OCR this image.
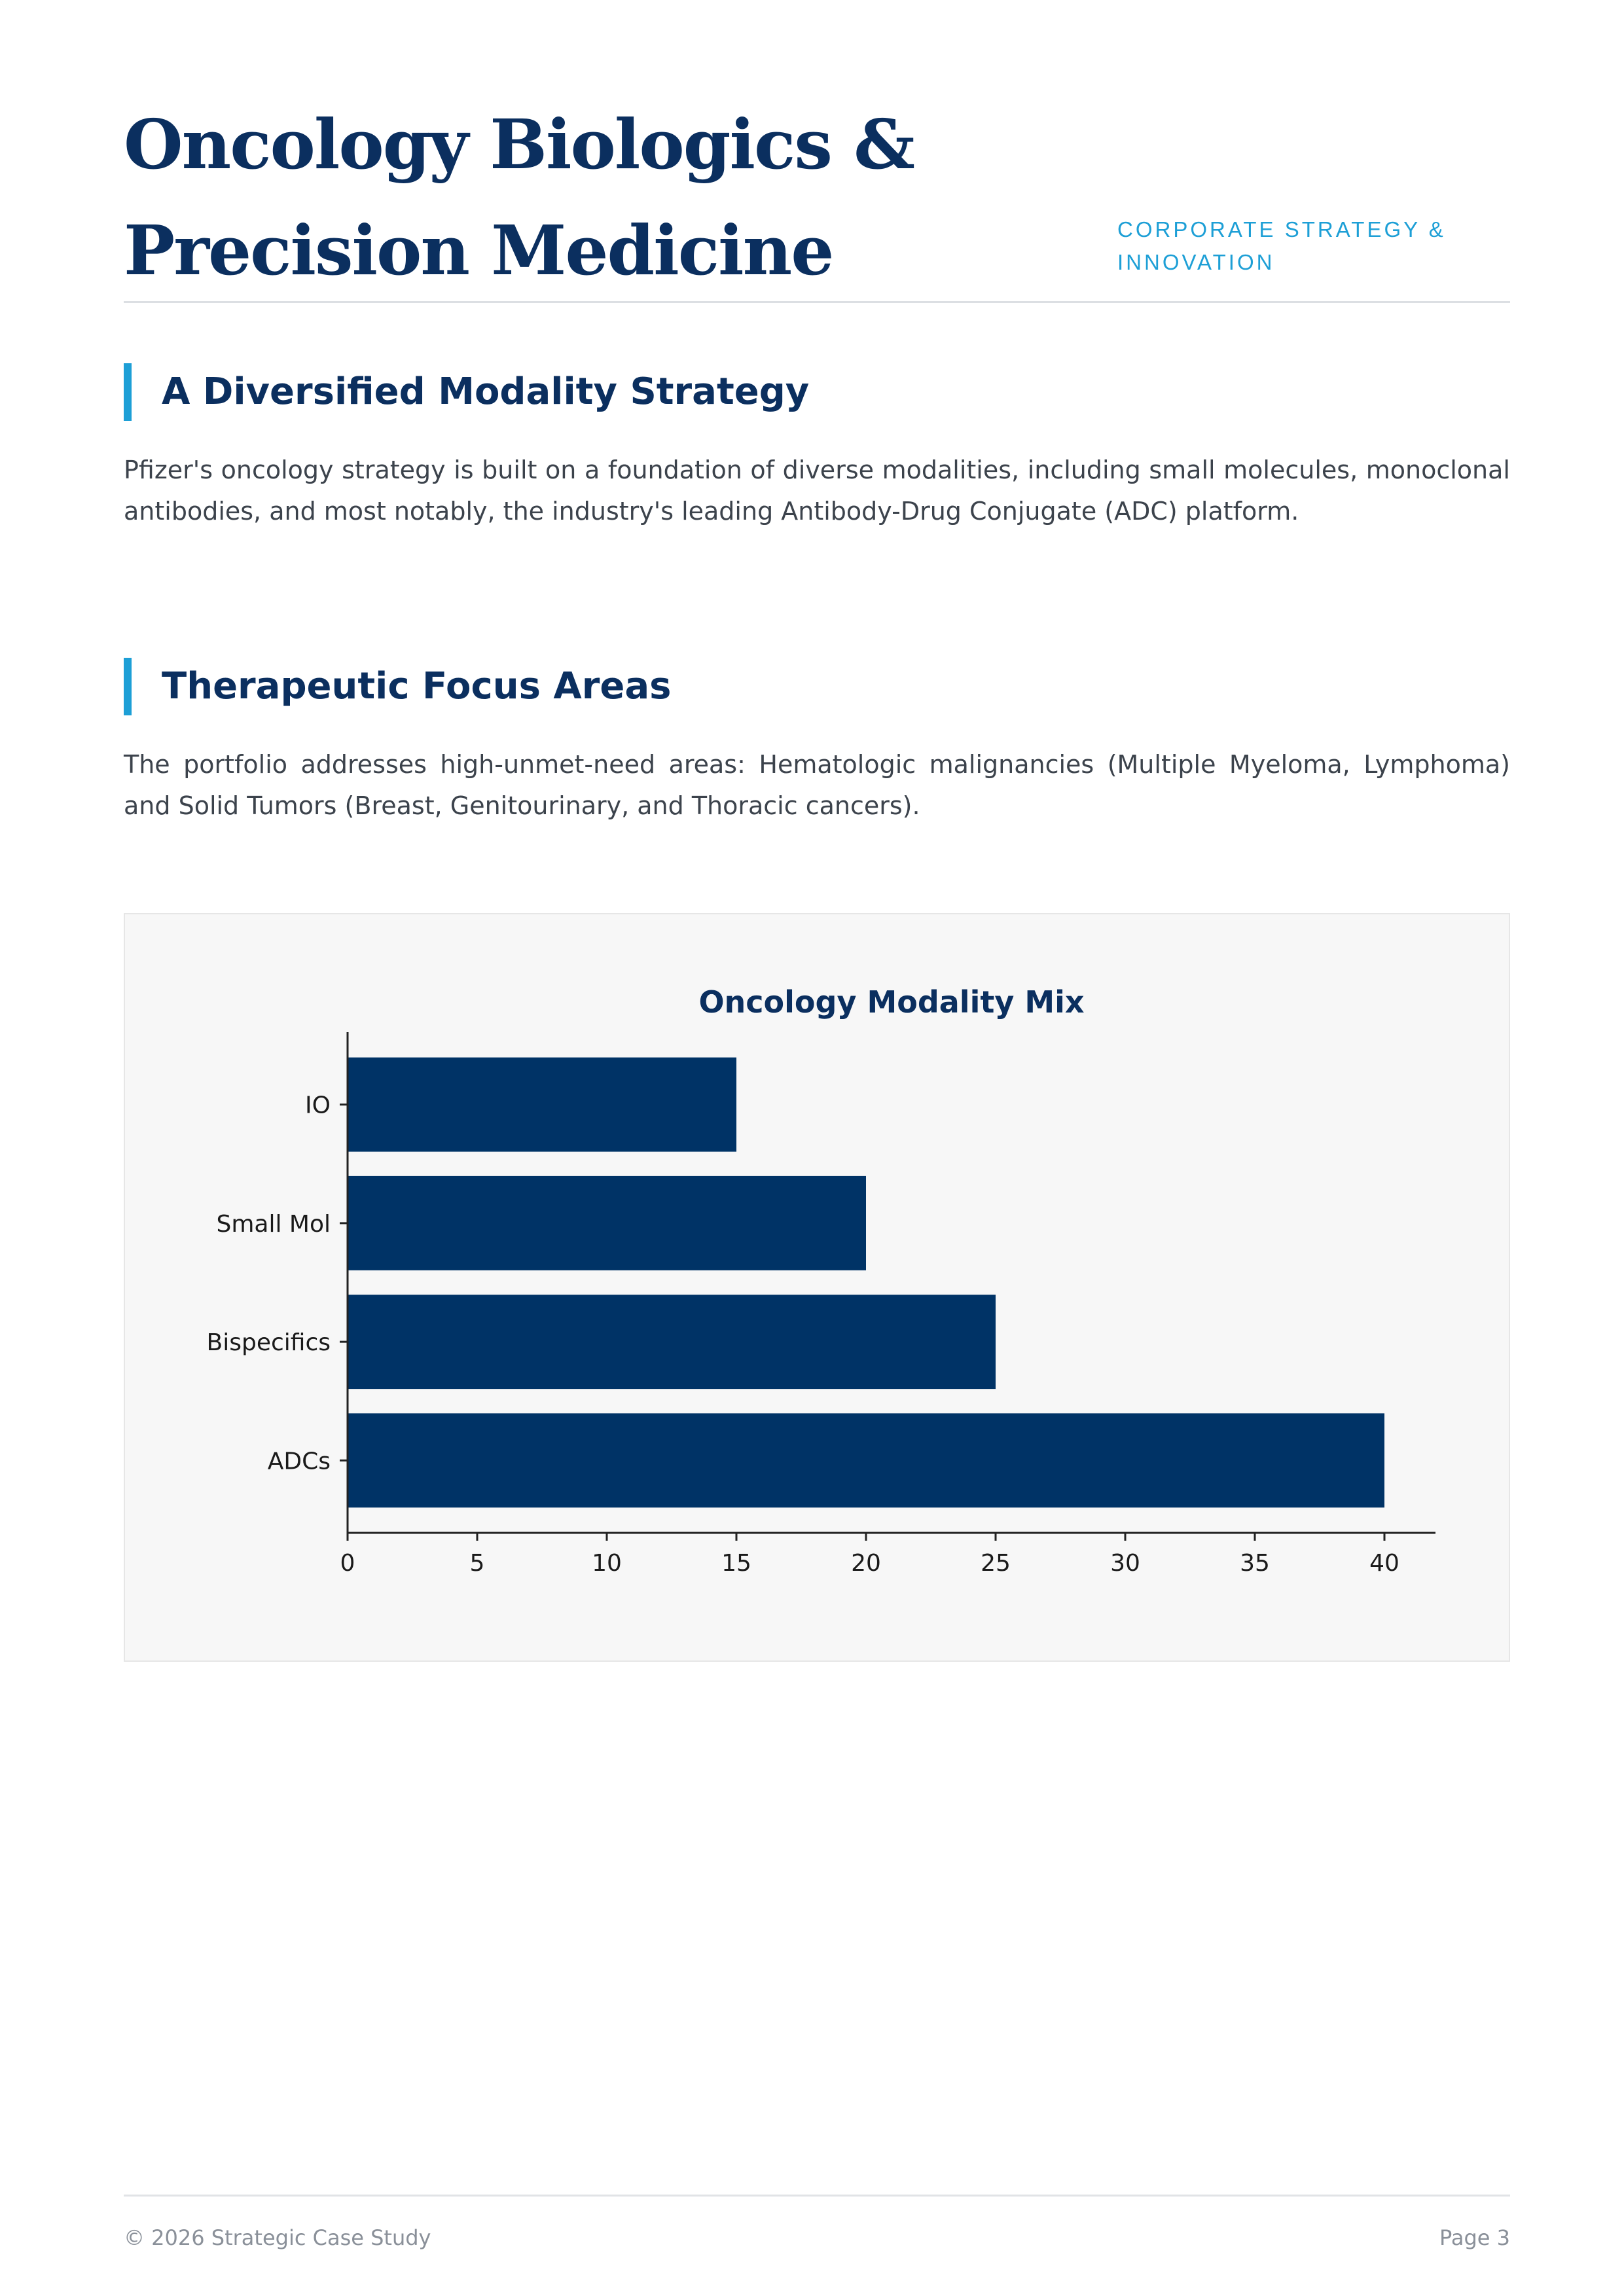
Oncology Biologics & Precision Medicine	CORPORATE STRATEGY & INNOVATION
A Diversified Modality Strategy

Pfizer's oncology strategy is built on a foundation of diverse modalities, including small molecules, monoclonal antibodies, and most notably, the industry's leading Antibody-Drug Conjugate (ADC) platform.

Therapeutic Focus Areas

The portfolio addresses high-unmet-need areas: Hematologic malignancies (Multiple Myeloma, Lymphoma) and Solid Tumors (Breast, Genitourinary, and Thoracic cancers).

Oncology Modality Mix
IO
Small Mol
Bispecifics
ADCs
0	5	10	15	20	25	30	35	40
© 2026 Strategic Case Study	Page 3
